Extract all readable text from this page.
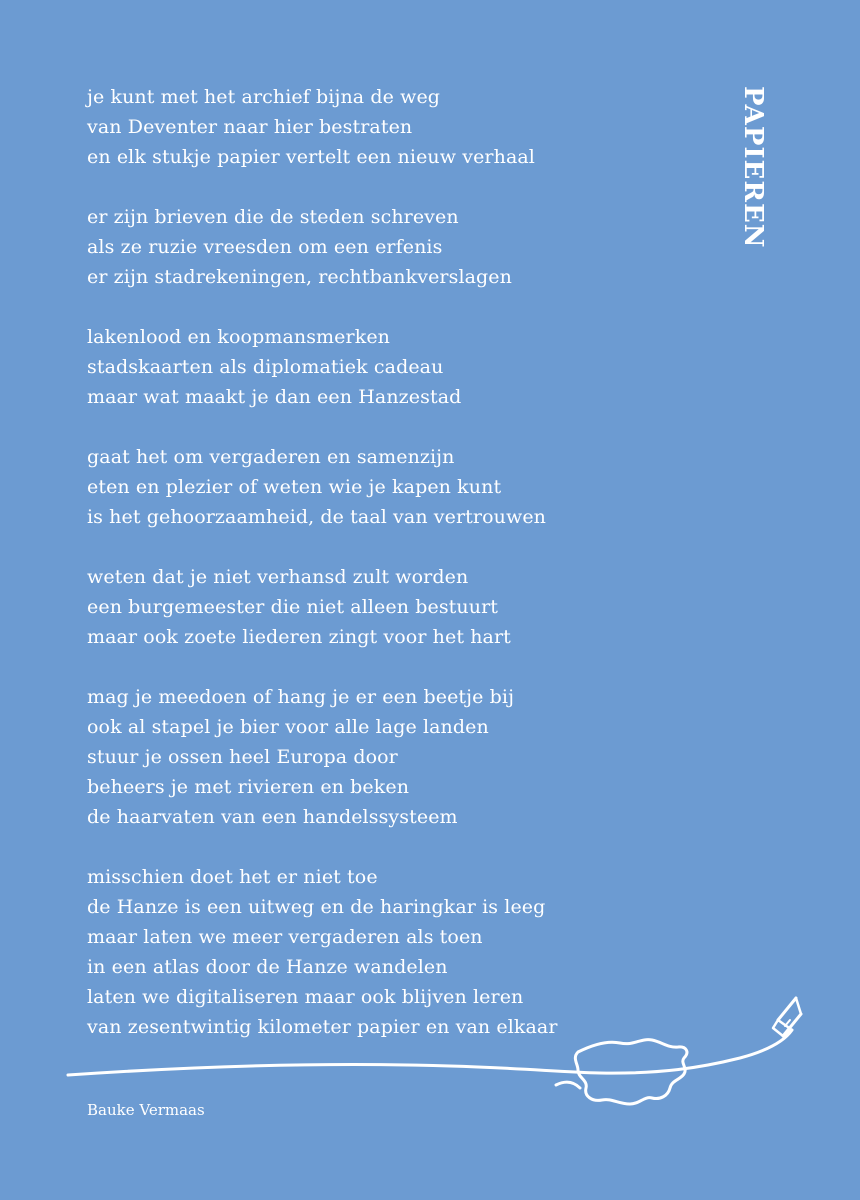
PAPIEREN
je kunt met het archief bijna de weg
van Deventer naar hier bestraten
en elk stukje papier vertelt een nieuw verhaal
er zijn brieven die de steden schreven
als ze ruzie vreesden om een erfenis
er zijn stadrekeningen, rechtbankverslagen
lakenlood en koopmansmerken
stadskaarten als diplomatiek cadeau
maar wat maakt je dan een Hanzestad
gaat het om vergaderen en samenzijn
eten en plezier of weten wie je kapen kunt
is het gehoorzaamheid, de taal van vertrouwen
weten dat je niet verhansd zult worden
een burgemeester die niet alleen bestuurt
maar ook zoete liederen zingt voor het hart
mag je meedoen of hang je er een beetje bij
ook al stapel je bier voor alle lage landen
stuur je ossen heel Europa door
beheers je met rivieren en beken
de haarvaten van een handelssysteem
misschien doet het er niet toe
de Hanze is een uitweg en de haringkar is leeg
maar laten we meer vergaderen als toen
in een atlas door de Hanze wandelen
laten we digitaliseren maar ook blijven leren
van zesentwintig kilometer papier en van elkaar
Bauke Vermaas
